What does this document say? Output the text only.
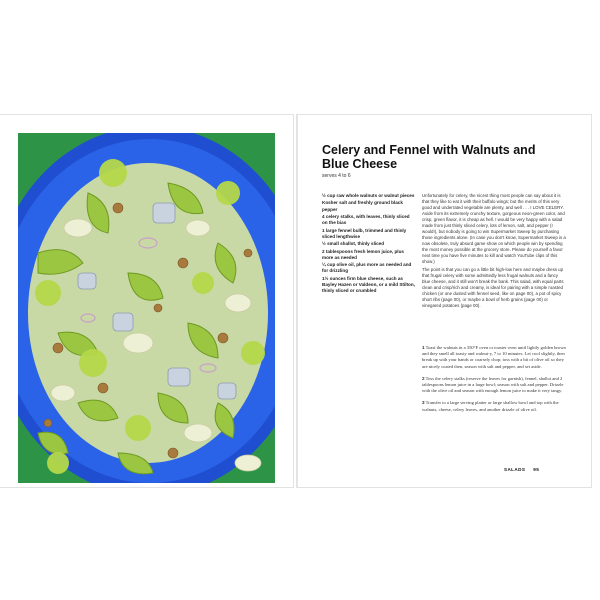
Celery and Fennel with Walnuts and Blue Cheese
serves 4 to 6
½ cup raw whole walnuts or walnut pieces
Kosher salt and freshly ground black pepper
4 celery stalks, with leaves, thinly sliced on the bias
1 large fennel bulb, trimmed and thinly sliced lengthwise
½ small shallot, thinly sliced
2 tablespoons fresh lemon juice, plus more as needed
¼ cup olive oil, plus more as needed and for drizzling
1½ ounces firm blue cheese, such as Bayley Hazen or Valdeon, or a mild Stilton, thinly sliced or crumbled

Unfortunately for celery, the nicest thing most people can say about it is that they like to eat it with their buffalo wings; but the merits of this very good and underrated vegetable are plenty, and well . . . I LOVE CELERY. Aside from its extremely crunchy texture, gorgeous neon-green color, and crisp, green flavor, it is cheap as hell. I would be very happy with a salad made from just thinly sliced celery, lots of lemon, salt, and pepper (I would!), but nobody is going to win Supermarket Sweep by purchasing those ingredients alone. (In case you don't know, Supermarket Sweep is a now obsolete, truly absurd game show on which people win by spending the most money possible at the grocery store. Please do yourself a favor next time you have five minutes to kill and watch YouTube clips of this show.)

The point is that you can go a little bit high-low here and maybe dress up that frugal celery with some admittedly less frugal walnuts and a fancy blue cheese, and it still won't break the bank. This salad, with equal parts clean and crisp/rich and creamy, is ideal for pairing with a simple roasted chicken (or one dusted with fennel seed, like on page 00), a pot of spicy short ribs (page 00), or maybe a bowl of herb grains (page 00) or vinegared potatoes (page 00).

1 Toast the walnuts in a 350°F oven or toaster oven until lightly golden brown and they smell all toasty and walnut-y, 7 to 10 minutes. Let cool slightly, then break up with your hands or coarsely chop; toss with a bit of olive oil so they are nicely coated then, season with salt and pepper, and set aside.

2 Toss the celery stalks (reserve the leaves for garnish), fennel, shallot and 2 tablespoons lemon juice in a large bowl; season with salt and pepper. Drizzle with the olive oil and season with enough lemon juice to make it very tangy.

3 Transfer to a large serving platter or large shallow bowl and top with the walnuts, cheese, celery leaves, and another drizzle of olive oil.

SALADS 95
